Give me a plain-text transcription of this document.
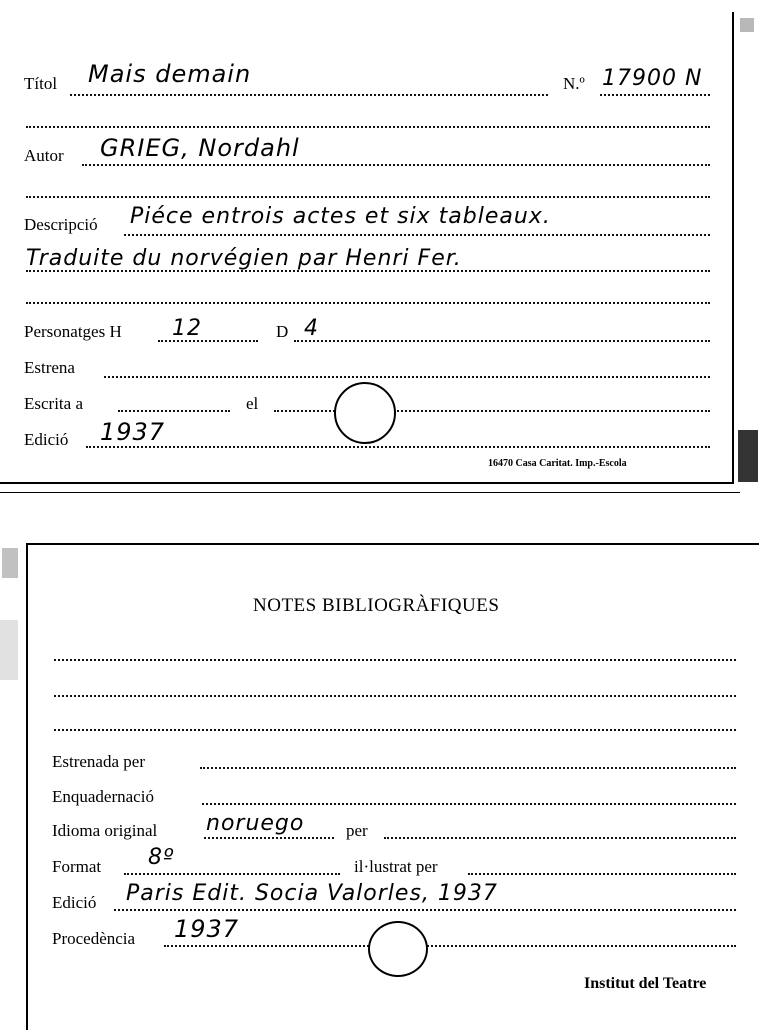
Títol Mais demain	N.º 17900 N
Autor GRIEG, Nordahl
Descripció Piéce entrois actes et six tableaux.
Traduite du norvégien par Henri Fer.
Personatges H 12	D 4
Estrena
Escrita a	el
Edició 1937
16470 Casa Caritat. Imp.-Escola
NOTES BIBLIOGRÀFIQUES
Estrenada per
Enquadernació
Idioma original noruego per
Format 8º	il·lustrat per
Edició Paris Edit. Socia Valorles, 1937
Procedència 1937
Institut del Teatre
